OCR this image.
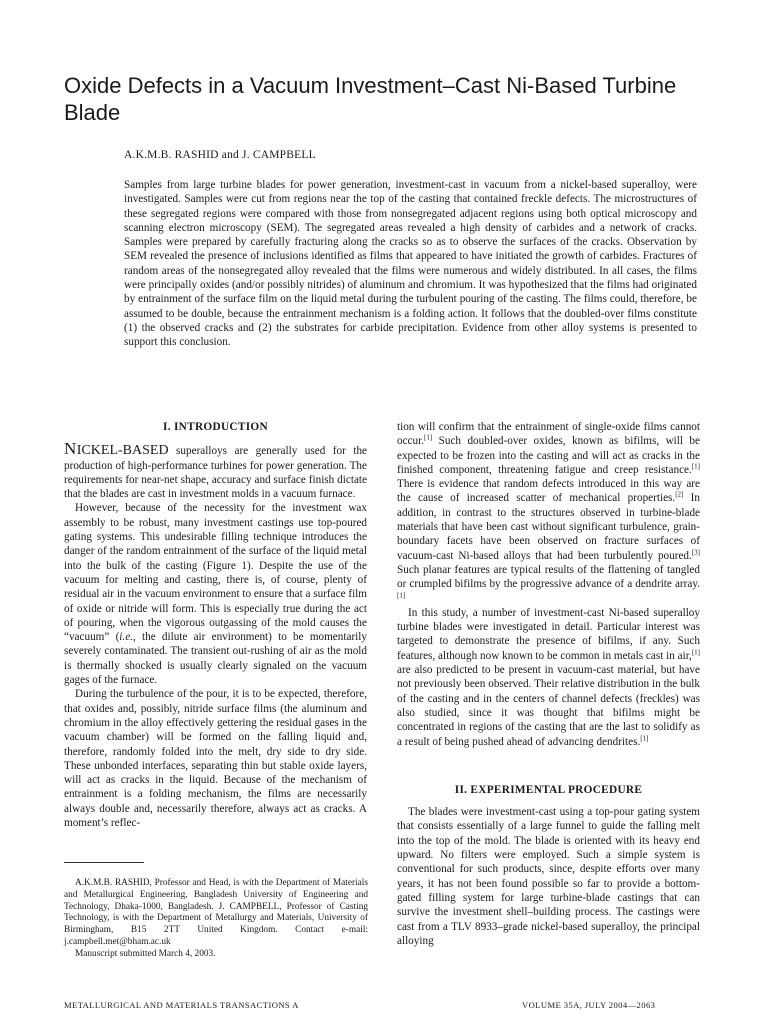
Oxide Defects in a Vacuum Investment–Cast Ni-Based Turbine Blade
A.K.M.B. RASHID and J. CAMPBELL
Samples from large turbine blades for power generation, investment-cast in vacuum from a nickel-based superalloy, were investigated. Samples were cut from regions near the top of the casting that contained freckle defects. The microstructures of these segregated regions were compared with those from nonsegregated adjacent regions using both optical microscopy and scanning electron microscopy (SEM). The segregated areas revealed a high density of carbides and a network of cracks. Samples were prepared by carefully fracturing along the cracks so as to observe the surfaces of the cracks. Observation by SEM revealed the presence of inclusions identified as films that appeared to have initiated the growth of carbides. Fractures of random areas of the nonsegregated alloy revealed that the films were numerous and widely distributed. In all cases, the films were principally oxides (and/or possibly nitrides) of aluminum and chromium. It was hypothesized that the films had originated by entrainment of the surface film on the liquid metal during the turbulent pouring of the casting. The films could, therefore, be assumed to be double, because the entrainment mechanism is a folding action. It follows that the doubled-over films constitute (1) the observed cracks and (2) the substrates for carbide precipitation. Evidence from other alloy systems is presented to support this conclusion.
I. INTRODUCTION

NICKEL-BASED superalloys are generally used for the production of high-performance turbines for power generation. The requirements for near-net shape, accuracy and surface finish dictate that the blades are cast in investment molds in a vacuum furnace.

However, because of the necessity for the investment wax assembly to be robust, many investment castings use top-poured gating systems. This undesirable filling technique introduces the danger of the random entrainment of the surface of the liquid metal into the bulk of the casting (Figure 1). Despite the use of the vacuum for melting and casting, there is, of course, plenty of residual air in the vacuum environment to ensure that a surface film of oxide or nitride will form. This is especially true during the act of pouring, when the vigorous outgassing of the mold causes the “vacuum” (i.e., the dilute air environment) to be momentarily severely contaminated. The transient out-rushing of air as the mold is thermally shocked is usually clearly signaled on the vacuum gages of the furnace.

During the turbulence of the pour, it is to be expected, therefore, that oxides and, possibly, nitride surface films (the aluminum and chromium in the alloy effectively gettering the residual gases in the vacuum chamber) will be formed on the falling liquid and, therefore, randomly folded into the melt, dry side to dry side. These unbonded interfaces, separating thin but stable oxide layers, will act as cracks in the liquid. Because of the mechanism of entrainment is a folding mechanism, the films are necessarily always double and, necessarily therefore, always act as cracks. A moment’s reflec-

tion will confirm that the entrainment of single-oxide films cannot occur.[1] Such doubled-over oxides, known as bifilms, will be expected to be frozen into the casting and will act as cracks in the finished component, threatening fatigue and creep resistance.[1] There is evidence that random defects introduced in this way are the cause of increased scatter of mechanical properties.[2] In addition, in contrast to the structures observed in turbine-blade materials that have been cast without significant turbulence, grain-boundary facets have been observed on fracture surfaces of vacuum-cast Ni-based alloys that had been turbulently poured.[3] Such planar features are typical results of the flattening of tangled or crumpled bifilms by the progressive advance of a dendrite array.[1]

In this study, a number of investment-cast Ni-based superalloy turbine blades were investigated in detail. Particular interest was targeted to demonstrate the presence of bifilms, if any. Such features, although now known to be common in metals cast in air,[1] are also predicted to be present in vacuum-cast material, but have not previously been observed. Their relative distribution in the bulk of the casting and in the centers of channel defects (freckles) was also studied, since it was thought that bifilms might be concentrated in regions of the casting that are the last to solidify as a result of being pushed ahead of advancing dendrites.[1]

II. EXPERIMENTAL PROCEDURE

The blades were investment-cast using a top-pour gating system that consists essentially of a large funnel to guide the falling melt into the top of the mold. The blade is oriented with its heavy end upward. No filters were employed. Such a simple system is conventional for such products, since, despite efforts over many years, it has not been found possible so far to provide a bottom-gated filling system for large turbine-blade castings that can survive the investment shell–building process. The castings were cast from a TLV 8933–grade nickel-based superalloy, the principal alloying

A.K.M.B. RASHID, Professor and Head, is with the Department of Materials and Metallurgical Engineering, Bangladesh University of Engineering and Technology, Dhaka-1000, Bangladesh. J. CAMPBELL, Professor of Casting Technology, is with the Department of Metallurgy and Materials, University of Birmingham, B15 2TT United Kingdom. Contact e-mail: j.campbell.met@bham.ac.uk

Manuscript submitted March 4, 2003.

METALLURGICAL AND MATERIALS TRANSACTIONS A	VOLUME 35A, JULY 2004—2063
